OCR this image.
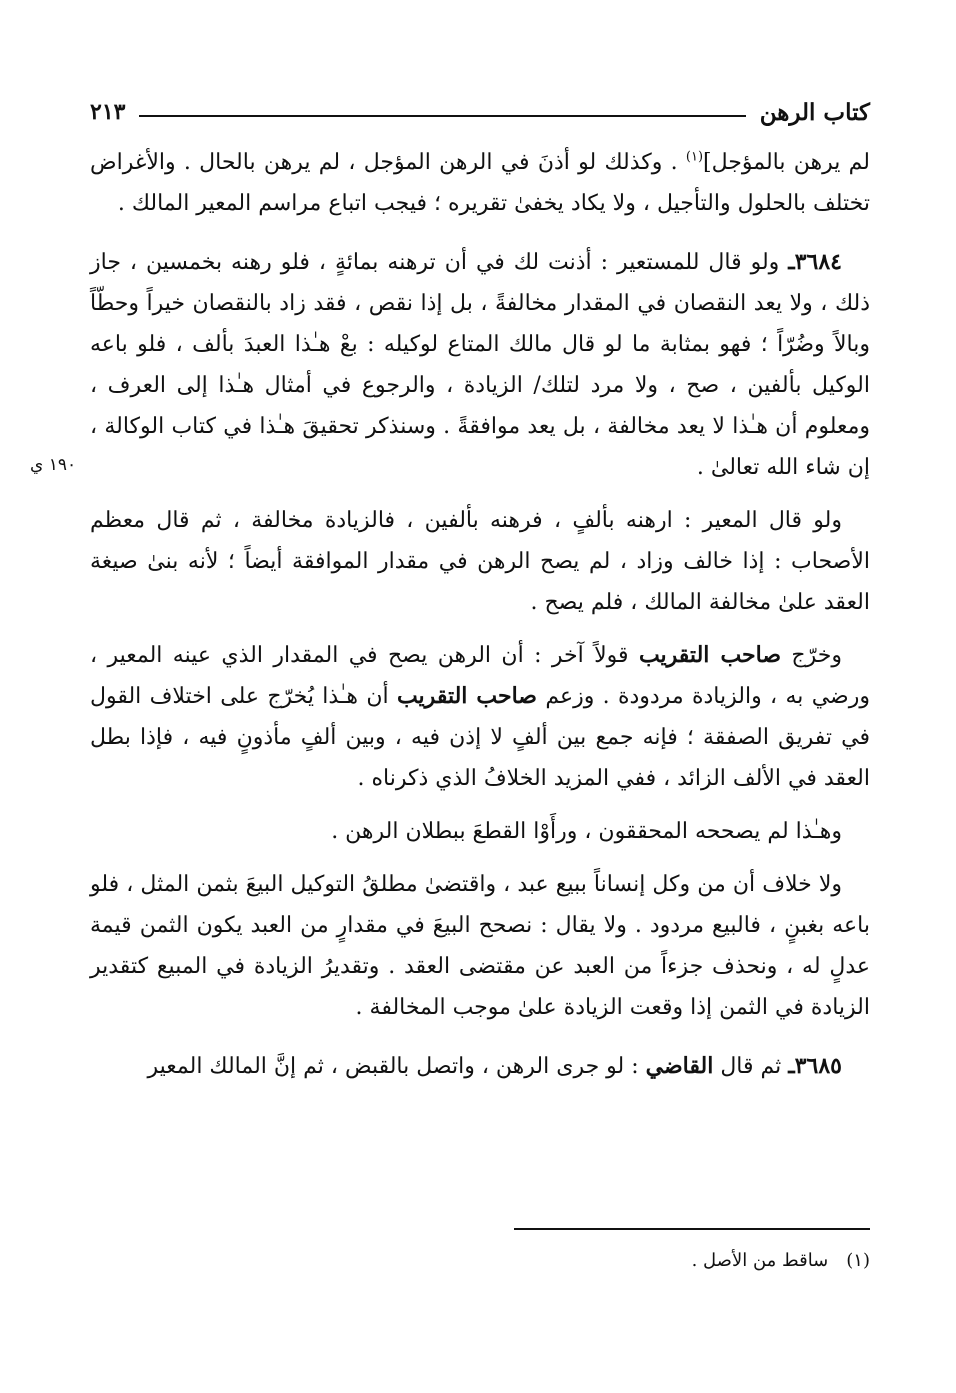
كتاب الرهن
٢١٣

لم يرهن بالمؤجل]$^{(١)}$ . وكذلك لو أذنَ في الرهن المؤجل ، لم يرهن بالحال . والأغراض تختلف بالحلول والتأجيل ، ولا يكاد يخفىٰ تقريره ؛ فيجب اتباع مراسم المعير المالك .

٣٦٨٤ـ ولو قال للمستعير : أذنت لك في أن ترهنه بمائةٍ ، فلو رهنه بخمسين ، جاز ذلك ، ولا يعد النقصان في المقدار مخالفةً ، بل إذا نقص ، فقد زاد بالنقصان خيراً وحطّاً وبالاً وضُرّاً ؛ فهو بمثابة ما لو قال مالك المتاع لوكيله : بعْ هـٰذا العبدَ بألف ، فلو باعه الوكيل بألفين ، صح ، ولا مرد لتلك/ الزيادة ، والرجوع في أمثال هـٰذا إلى العرف ، ومعلوم أن هـٰذا لا يعد مخالفة ، بل يعد موافقةً . وسنذكر تحقيقَ هـٰذا في كتاب الوكالة ، إن شاء الله تعالىٰ .

ولو قال المعير : ارهنه بألفٍ ، فرهنه بألفين ، فالزيادة مخالفة ، ثم قال معظم الأصحاب : إذا خالف وزاد ، لم يصح الرهن في مقدار الموافقة أيضاً ؛ لأنه بنىٰ صيغة العقد علىٰ مخالفة المالك ، فلم يصح .

وخرّج صاحب التقريب قولاً آخر : أن الرهن يصح في المقدار الذي عينه المعير ، ورضي به ، والزيادة مردودة . وزعم صاحب التقريب أن هـٰذا يُخرّج على اختلاف القول في تفريق الصفقة ؛ فإنه جمع بين ألفٍ لا إذن فيه ، وبين ألفٍ مأذونٍ فيه ، فإذا بطل العقد في الألف الزائد ، ففي المزيد الخلافُ الذي ذكرناه .

وهـٰذا لم يصححه المحققون ، ورأَوْا القطعَ ببطلان الرهن .

ولا خلاف أن من وكل إنساناً ببيع عبد ، واقتضىٰ مطلقُ التوكيل البيعَ بثمن المثل ، فلو باعه بغبنٍ ، فالبيع مردود . ولا يقال : نصحح البيعَ في مقدارٍ من العبد يكون الثمن قيمة عدلٍ له ، ونحذف جزءاً من العبد عن مقتضى العقد . وتقديرُ الزيادة في المبيع كتقدير الزيادة في الثمن إذا وقعت الزيادة علىٰ موجب المخالفة .

٣٦٨٥ـ ثم قال القاضي : لو جرى الرهن ، واتصل بالقبض ، ثم إنَّ المالك المعير

(١)ساقط من الأصل .
١٩٠ ي
